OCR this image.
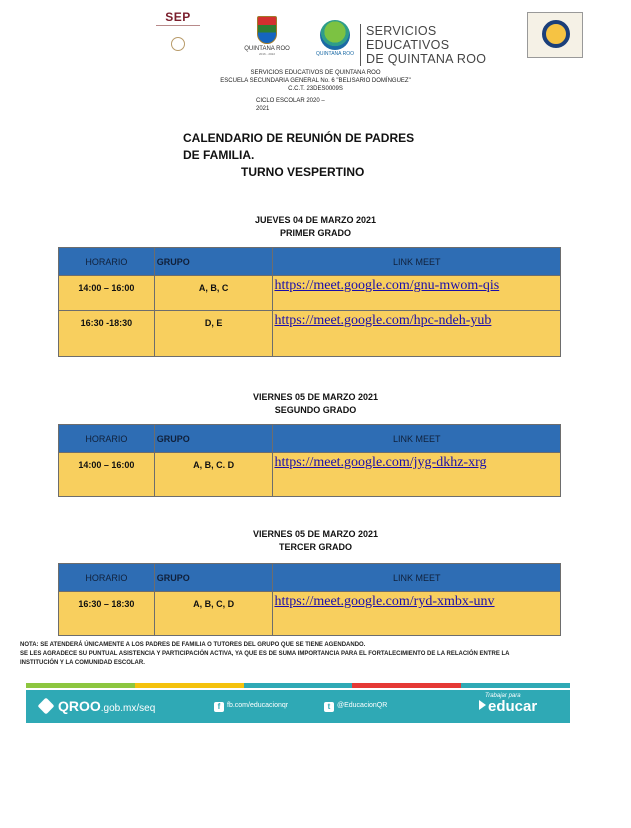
SEP
QUINTANA ROO
2016 - 2022	QUINTANA ROO
SERVICIOS EDUCATIVOS
DE QUINTANA ROO
SERVICIOS EDUCATIVOS DE QUINTANA ROO
ESCUELA SECUNDARIA GENERAL No. 6 "BELISARIO DOMÍNGUEZ"
C.C.T. 23DES0009S
CICLO ESCOLAR 2020 –
2021
CALENDARIO DE REUNIÓN DE PADRES
DE FAMILIA.
TURNO VESPERTINO
JUEVES 04 DE MARZO 2021
PRIMER GRADO
HORARIO	GRUPO	LINK MEET
14:00 – 16:00	A, B, C	https://meet.google.com/gnu-mwom-qis
16:30 -18:30	D, E	https://meet.google.com/hpc-ndeh-yub
VIERNES 05 DE MARZO 2021
SEGUNDO GRADO
HORARIO	GRUPO	LINK MEET
14:00 – 16:00	A, B, C. D	https://meet.google.com/jyg-dkhz-xrg
VIERNES 05 DE MARZO 2021
TERCER GRADO
HORARIO	GRUPO	LINK MEET
16:30 – 18:30	A, B, C, D	https://meet.google.com/ryd-xmbx-unv
NOTA: SE ATENDERÁ ÚNICAMENTE A LOS PADRES DE FAMILIA O TUTORES DEL GRUPO QUE SE TIENE AGENDANDO.
SE LES AGRADECE SU PUNTUAL ASISTENCIA Y PARTICIPACIÓN ACTIVA, YA QUE ES DE SUMA IMPORTANCIA PARA EL FORTALECIMIENTO DE LA RELACIÓN ENTRE LA
INSTITUCIÓN Y LA COMUNIDAD ESCOLAR.
QROO.gob.mx/seq	f fb.com/educacionqr	t @EducacionQR
Trabajar para
educar
